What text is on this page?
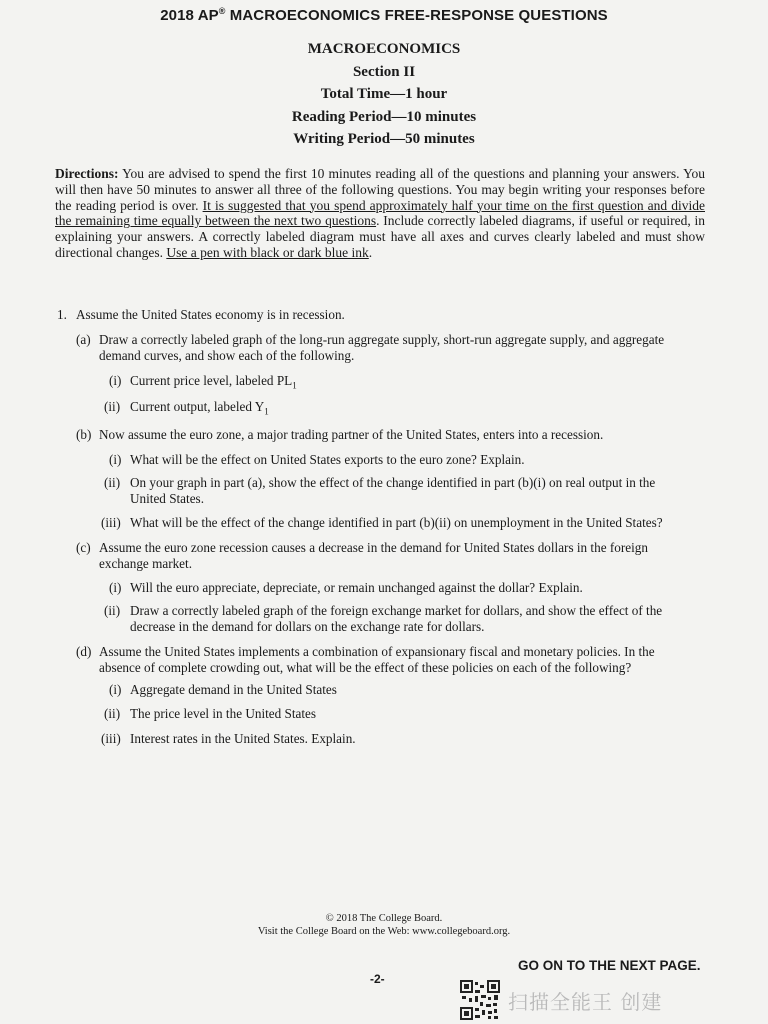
2018 AP® MACROECONOMICS FREE-RESPONSE QUESTIONS
MACROECONOMICS
Section II
Total Time—1 hour
Reading Period—10 minutes
Writing Period—50 minutes
Directions: You are advised to spend the first 10 minutes reading all of the questions and planning your answers. You will then have 50 minutes to answer all three of the following questions. You may begin writing your responses before the reading period is over. It is suggested that you spend approximately half your time on the first question and divide the remaining time equally between the next two questions. Include correctly labeled diagrams, if useful or required, in explaining your answers. A correctly labeled diagram must have all axes and curves clearly labeled and must show directional changes. Use a pen with black or dark blue ink.
1. Assume the United States economy is in recession.
(a) Draw a correctly labeled graph of the long-run aggregate supply, short-run aggregate supply, and aggregate
demand curves, and show each of the following.
(i) Current price level, labeled $PL_1$
(ii) Current output, labeled $Y_1$
(b) Now assume the euro zone, a major trading partner of the United States, enters into a recession.
(i) What will be the effect on United States exports to the euro zone? Explain.
(ii) On your graph in part (a), show the effect of the change identified in part (b)(i) on real output in the
United States.
(iii) What will be the effect of the change identified in part (b)(ii) on unemployment in the United States?
(c) Assume the euro zone recession causes a decrease in the demand for United States dollars in the foreign
exchange market.
(i) Will the euro appreciate, depreciate, or remain unchanged against the dollar? Explain.
(ii) Draw a correctly labeled graph of the foreign exchange market for dollars, and show the effect of the
decrease in the demand for dollars on the exchange rate for dollars.
(d) Assume the United States implements a combination of expansionary fiscal and monetary policies. In the
absence of complete crowding out, what will be the effect of these policies on each of the following?
(i) Aggregate demand in the United States
(ii) The price level in the United States
(iii) Interest rates in the United States. Explain.
© 2018 The College Board.
Visit the College Board on the Web: www.collegeboard.org.
GO ON TO THE NEXT PAGE.
-2-
扫描全能王 创建
